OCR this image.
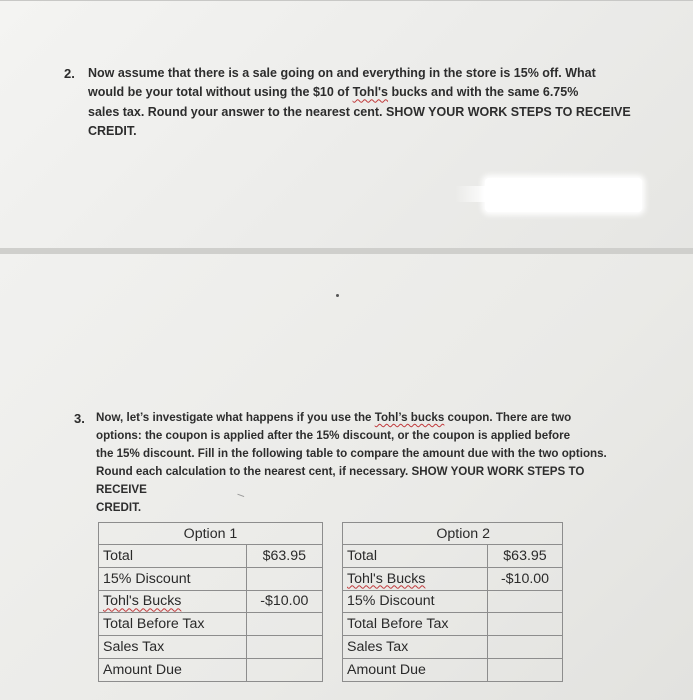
2. Now assume that there is a sale going on and everything in the store is 15% off. What
would be your total without using the $10 of Tohl's bucks and with the same 6.75%
sales tax. Round your answer to the nearest cent. SHOW YOUR WORK STEPS TO RECEIVE
CREDIT.
3. Now, let’s investigate what happens if you use the Tohl’s bucks coupon. There are two
options: the coupon is applied after the 15% discount, or the coupon is applied before
the 15% discount. Fill in the following table to compare the amount due with the two options.
Round each calculation to the nearest cent, if necessary. SHOW YOUR WORK STEPS TO RECEIVE
CREDIT.
Option 1	
Total	$63.95
15% Discount	
Tohl's Bucks	-$10.00
Total Before Tax	
Sales Tax	
Amount Due	
Option 2	
Total	$63.95
Tohl's Bucks	-$10.00
15% Discount	
Total Before Tax	
Sales Tax	
Amount Due	
